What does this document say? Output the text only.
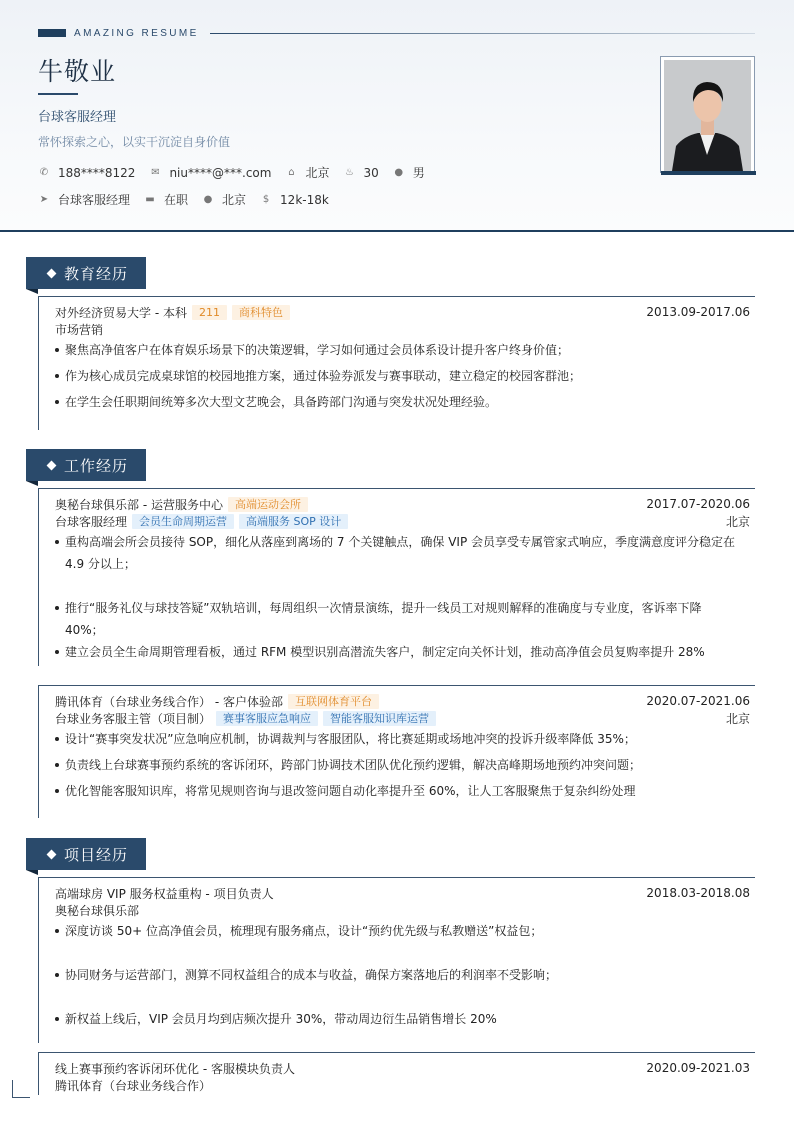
AMAZING RESUME
牛敬业
台球客服经理
常怀探索之心，以实干沉淀自身价值
✆ 188****8122 ✉ niu****@***.com ⌂ 北京 ♨ 30 ● 男
➤ 台球客服经理 ▬ 在职 ● 北京 $ 12k-18k
教育经历
对外经济贸易大学 - 本科	211	商科特色	2013.09-2017.06
市场营销
聚焦高净值客户在体育娱乐场景下的决策逻辑，学习如何通过会员体系设计提升客户终身价值；
作为核心成员完成桌球馆的校园地推方案，通过体验券派发与赛事联动，建立稳定的校园客群池；
在学生会任职期间统筹多次大型文艺晚会，具备跨部门沟通与突发状况处理经验。
工作经历
奥秘台球俱乐部 - 运营服务中心	高端运动会所	2017.07-2020.06
台球客服经理	会员生命周期运营	高端服务 SOP 设计	北京
重构高端会所会员接待 SOP，细化从落座到离场的 7 个关键触点，确保 VIP 会员享受专属管家式响应，季度满意度评分稳定在 4.9 分以上；
推行“服务礼仪与球技答疑”双轨培训，每周组织一次情景演练，提升一线员工对规则解释的准确度与专业度，客诉率下降 40%；
建立会员全生命周期管理看板，通过 RFM 模型识别高潜流失客户，制定定向关怀计划，推动高净值会员复购率提升 28%
腾讯体育（台球业务线合作） - 客户体验部	互联网体育平台	2020.07-2021.06
台球业务客服主管（项目制）	赛事客服应急响应	智能客服知识库运营	北京
设计“赛事突发状况”应急响应机制，协调裁判与客服团队，将比赛延期或场地冲突的投诉升级率降低 35%；
负责线上台球赛事预约系统的客诉闭环，跨部门协调技术团队优化预约逻辑，解决高峰期场地预约冲突问题；
优化智能客服知识库，将常见规则咨询与退改签问题自动化率提升至 60%，让人工客服聚焦于复杂纠纷处理
项目经历
高端球房 VIP 服务权益重构 - 项目负责人	2018.03-2018.08
奥秘台球俱乐部
深度访谈 50+ 位高净值会员，梳理现有服务痛点，设计“预约优先级与私教赠送”权益包；
协同财务与运营部门，测算不同权益组合的成本与收益，确保方案落地后的利润率不受影响；
新权益上线后，VIP 会员月均到店频次提升 30%，带动周边衍生品销售增长 20%
线上赛事预约客诉闭环优化 - 客服模块负责人	2020.09-2021.03
腾讯体育（台球业务线合作）
